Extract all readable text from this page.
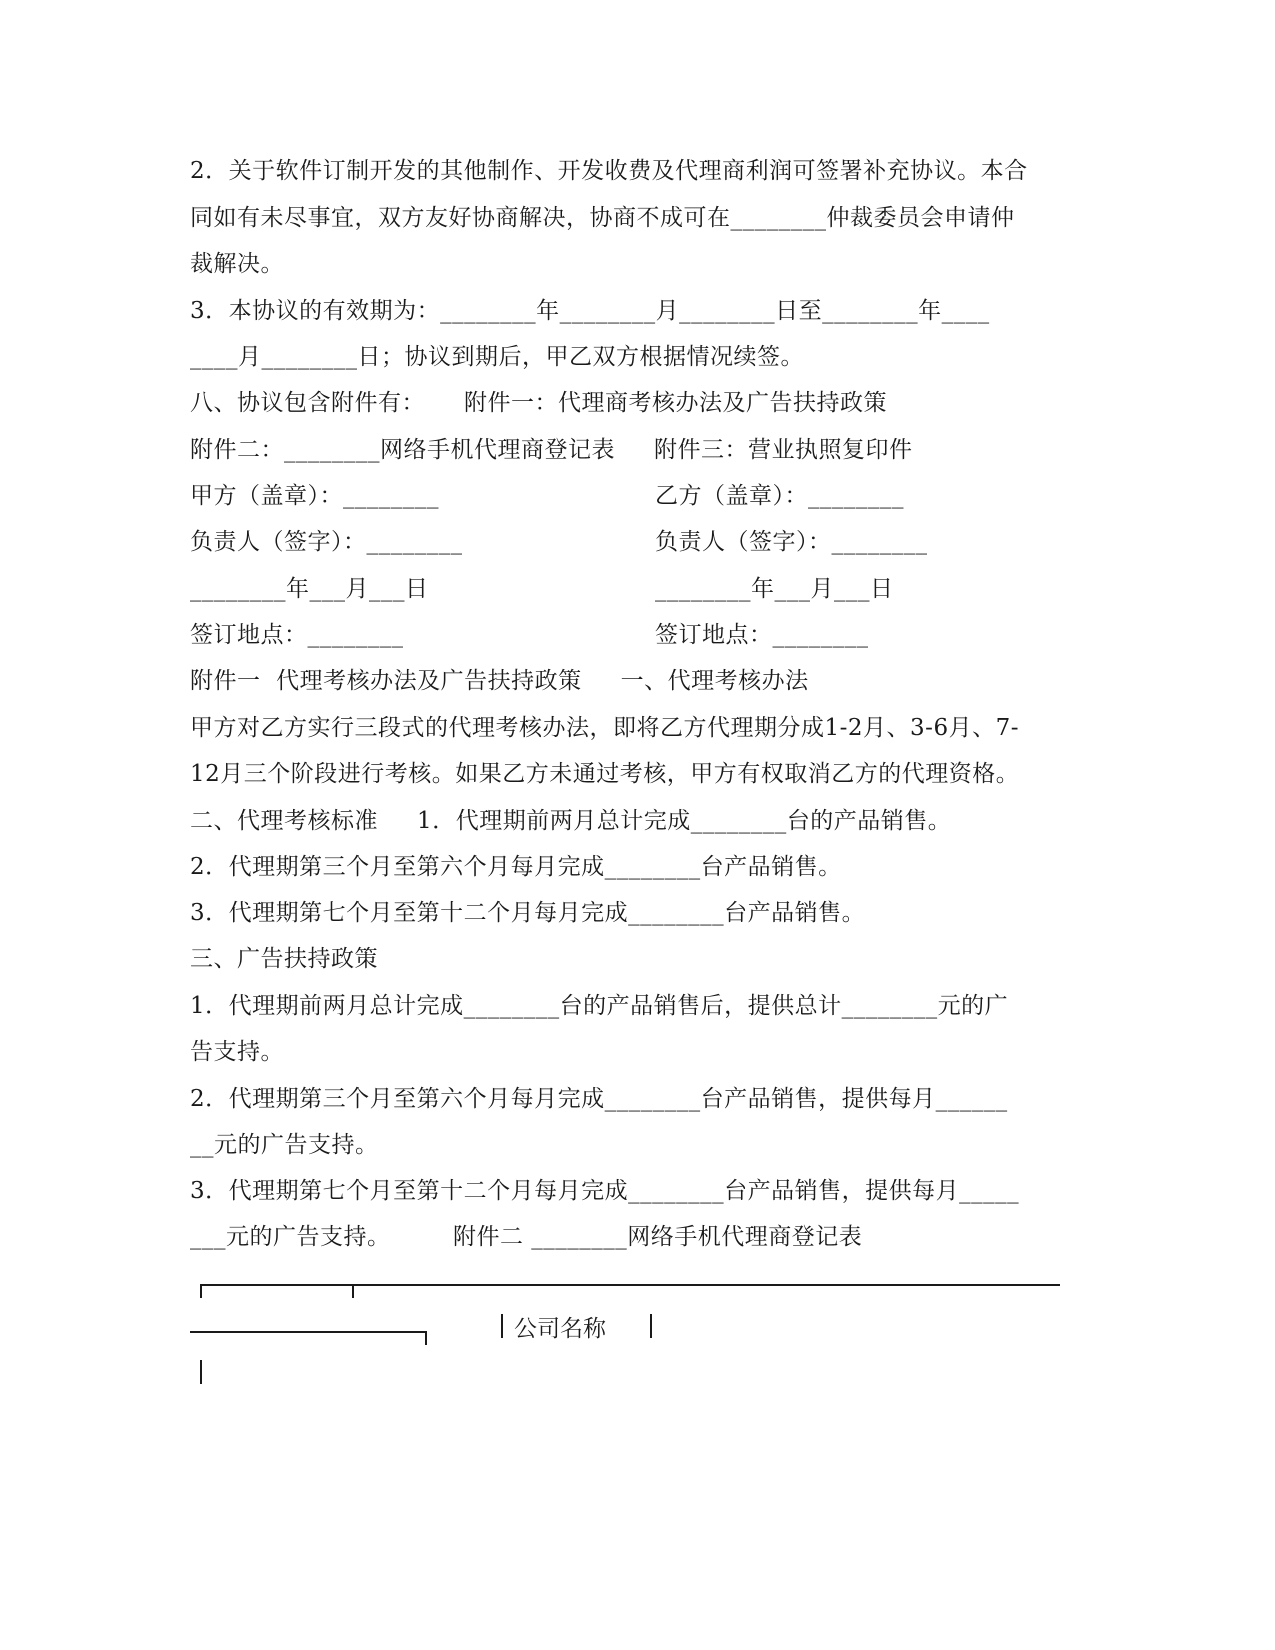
2．关于软件订制开发的其他制作、开发收费及代理商利润可签署补充协议。本合
同如有未尽事宜，双方友好协商解决，协商不成可在________仲裁委员会申请仲
裁解决。
3．本协议的有效期为：________年________月________日至________年____
____月________日；协议到期后，甲乙双方根据情况续签。
八、协议包含附件有：     附件一：代理商考核办法及广告扶持政策
附件二：________网络手机代理商登记表     附件三：营业执照复印件
甲方（盖章）：________	乙方（盖章）：________
负责人（签字）：________	负责人（签字）：________
________年___月___日	________年___月___日
签订地点：________	签订地点：________
附件一  代理考核办法及广告扶持政策     一、代理考核办法
甲方对乙方实行三段式的代理考核办法，即将乙方代理期分成1-2月、3-6月、7-
12月三个阶段进行考核。如果乙方未通过考核，甲方有权取消乙方的代理资格。
二、代理考核标准     1．代理期前两月总计完成________台的产品销售。
2．代理期第三个月至第六个月每月完成________台产品销售。
3．代理期第七个月至第十二个月每月完成________台产品销售。
三、广告扶持政策
1．代理期前两月总计完成________台的产品销售后，提供总计________元的广
告支持。
2．代理期第三个月至第六个月每月完成________台产品销售，提供每月______
__元的广告支持。
3．代理期第七个月至第十二个月每月完成________台产品销售，提供每月_____
___元的广告支持。        附件二 ________网络手机代理商登记表
公司名称
